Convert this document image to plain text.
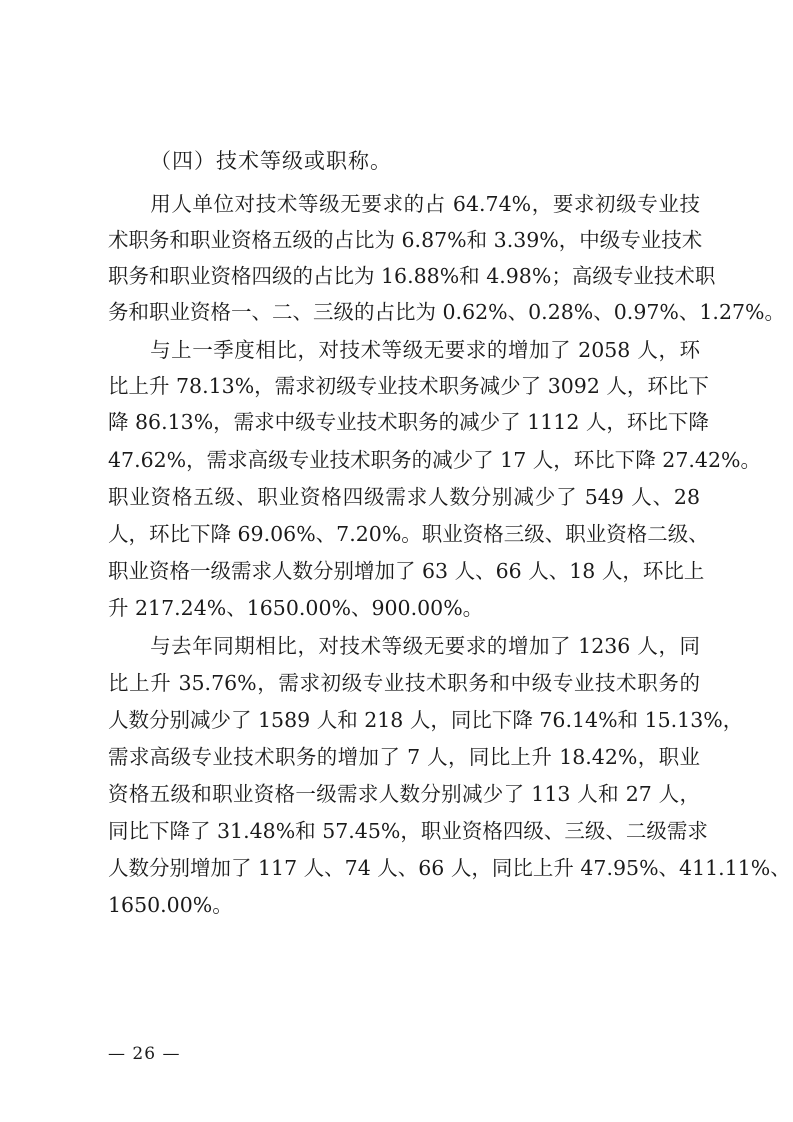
（四）技术等级或职称。
　　用人单位对技术等级无要求的占 64.74%，要求初级专业技
术职务和职业资格五级的占比为 6.87%和 3.39%，中级专业技术
职务和职业资格四级的占比为 16.88%和 4.98%；高级专业技术职
务和职业资格一、二、三级的占比为 0.62%、0.28%、0.97%、1.27%。
　　与上一季度相比，对技术等级无要求的增加了 2058 人，环
比上升 78.13%，需求初级专业技术职务减少了 3092 人，环比下
降 86.13%，需求中级专业技术职务的减少了 1112 人，环比下降
47.62%，需求高级专业技术职务的减少了 17 人，环比下降 27.42%。
职业资格五级、职业资格四级需求人数分别减少了 549 人、28
人，环比下降 69.06%、7.20%。职业资格三级、职业资格二级、
职业资格一级需求人数分别增加了 63 人、66 人、18 人，环比上
升 217.24%、1650.00%、900.00%。
　　与去年同期相比，对技术等级无要求的增加了 1236 人，同
比上升 35.76%，需求初级专业技术职务和中级专业技术职务的
人数分别减少了 1589 人和 218 人，同比下降 76.14%和 15.13%，
需求高级专业技术职务的增加了 7 人，同比上升 18.42%，职业
资格五级和职业资格一级需求人数分别减少了 113 人和 27 人，
同比下降了 31.48%和 57.45%，职业资格四级、三级、二级需求
人数分别增加了 117 人、74 人、66 人，同比上升 47.95%、411.11%、
1650.00%。
— 26 —
